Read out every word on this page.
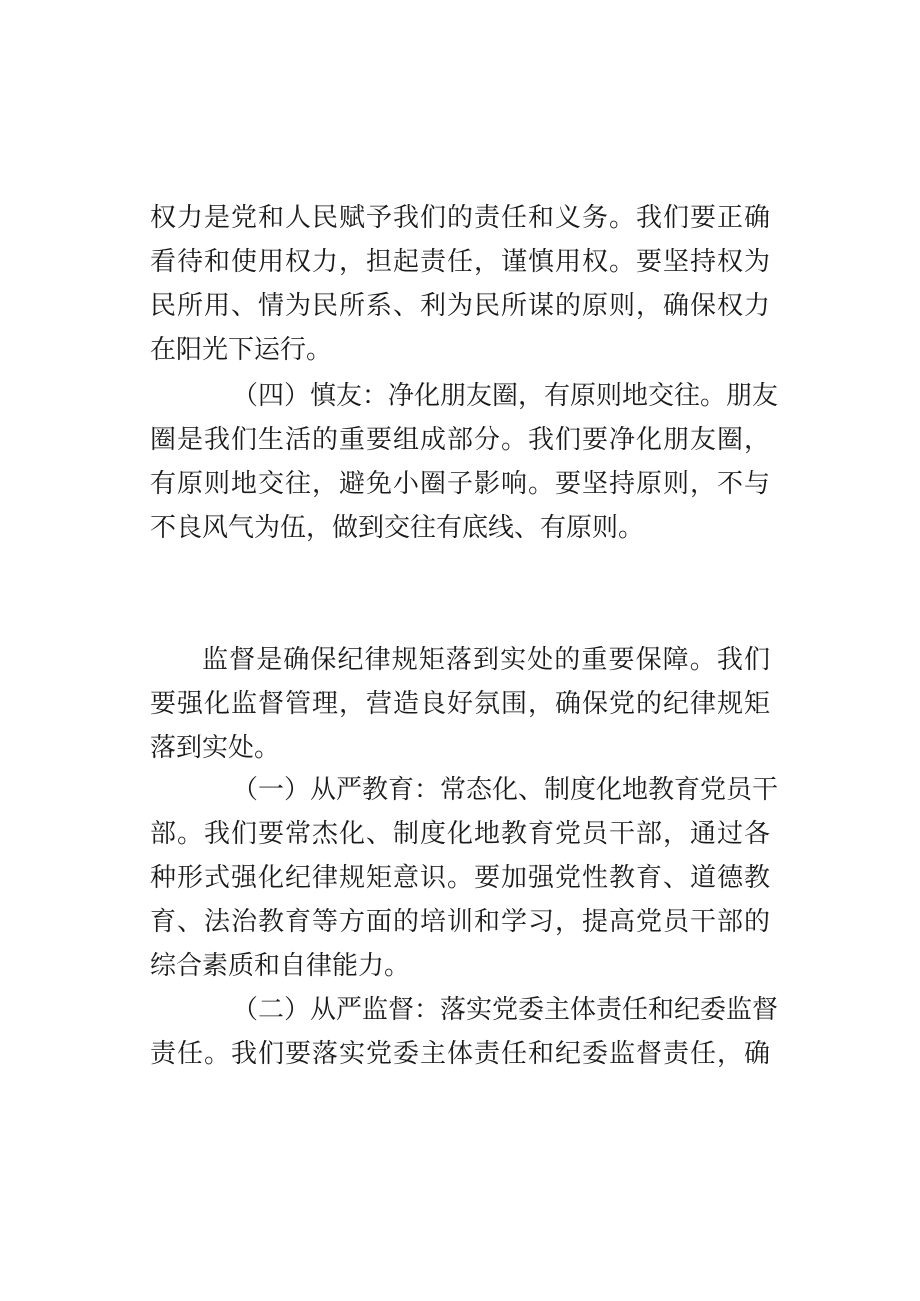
权力是党和人民赋予我们的责任和义务。我们要正确
看待和使用权力，担起责任，谨慎用权。要坚持权为
民所用、情为民所系、利为民所谋的原则，确保权力
在阳光下运行。
（四）慎友：净化朋友圈，有原则地交往。朋友
圈是我们生活的重要组成部分。我们要净化朋友圈，
有原则地交往，避免小圈子影响。要坚持原则，不与
不良风气为伍，做到交往有底线、有原则。
监督是确保纪律规矩落到实处的重要保障。我们
要强化监督管理，营造良好氛围，确保党的纪律规矩
落到实处。
（一）从严教育：常态化、制度化地教育党员干
部。我们要常杰化、制度化地教育党员干部，通过各
种形式强化纪律规矩意识。要加强党性教育、道德教
育、法治教育等方面的培训和学习，提高党员干部的
综合素质和自律能力。
（二）从严监督：落实党委主体责任和纪委监督
责任。我们要落实党委主体责任和纪委监督责任，确
